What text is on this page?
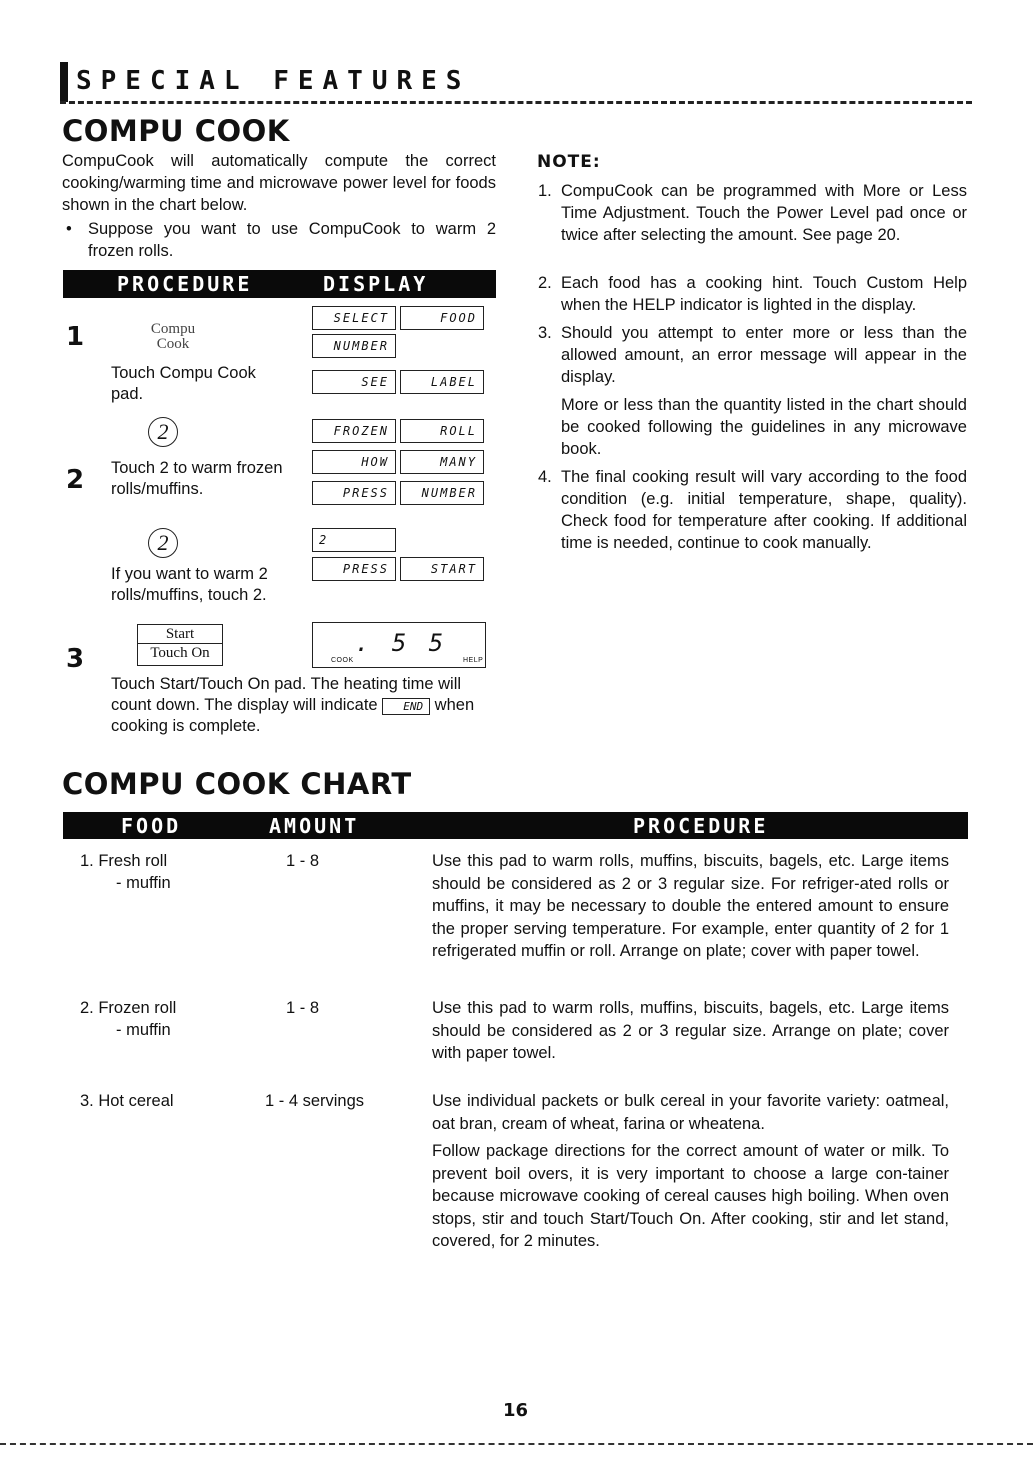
SPECIAL FEATURES
COMPU COOK
CompuCook will automatically compute the correct cooking/warming time and microwave power level for foods shown in the chart below.
• Suppose you want to use CompuCook to warm 2 frozen rolls.
PROCEDURE	DISPLAY
1	Compu
Cook
Touch Compu Cook pad.
SELECT	FOOD
NUMBER
SEE	LABEL
2
2 Touch 2 to warm frozen rolls/muffins.
FROZEN	ROLL
HOW	MANY
PRESS	NUMBER
2
If you want to warm 2 rolls/muffins, touch 2.
2
PRESS	START
3
Start
Touch On	. 5 5
COOK	HELP
Touch Start/Touch On pad. The heating time will count down. The display will indicate END when cooking is complete.
NOTE:
1. CompuCook can be programmed with More or Less Time Adjustment. Touch the Power Level pad once or twice after selecting the amount. See page 20.
2. Each food has a cooking hint. Touch Custom Help when the HELP indicator is lighted in the display.
3. Should you attempt to enter more or less than the allowed amount, an error message will appear in the display.
More or less than the quantity listed in the chart should be cooked following the guidelines in any microwave book.
4. The final cooking result will vary according to the food condition (e.g. initial temperature, shape, quality). Check food for temperature after cooking. If additional time is needed, continue to cook manually.
COMPU COOK CHART
FOOD	AMOUNT	PROCEDURE
1. Fresh roll
- muffin
1 - 8	Use this pad to warm rolls, muffins, biscuits, bagels, etc. Large items should be considered as 2 or 3 regular size. For refriger-ated rolls or muffins, it may be necessary to double the entered amount to ensure the proper serving temperature. For example, enter quantity of 2 for 1 refrigerated muffin or roll. Arrange on plate; cover with paper towel.
2. Frozen roll
- muffin
1 - 8	Use this pad to warm rolls, muffins, biscuits, bagels, etc. Large items should be considered as 2 or 3 regular size. Arrange on plate; cover with paper towel.
3. Hot cereal	1 - 4 servings	Use individual packets or bulk cereal in your favorite variety: oatmeal, oat bran, cream of wheat, farina or wheatena.
Follow package directions for the correct amount of water or milk. To prevent boil overs, it is very important to choose a large con-tainer because microwave cooking of cereal causes high boiling. When oven stops, stir and touch Start/Touch On. After cooking, stir and let stand, covered, for 2 minutes.
16
